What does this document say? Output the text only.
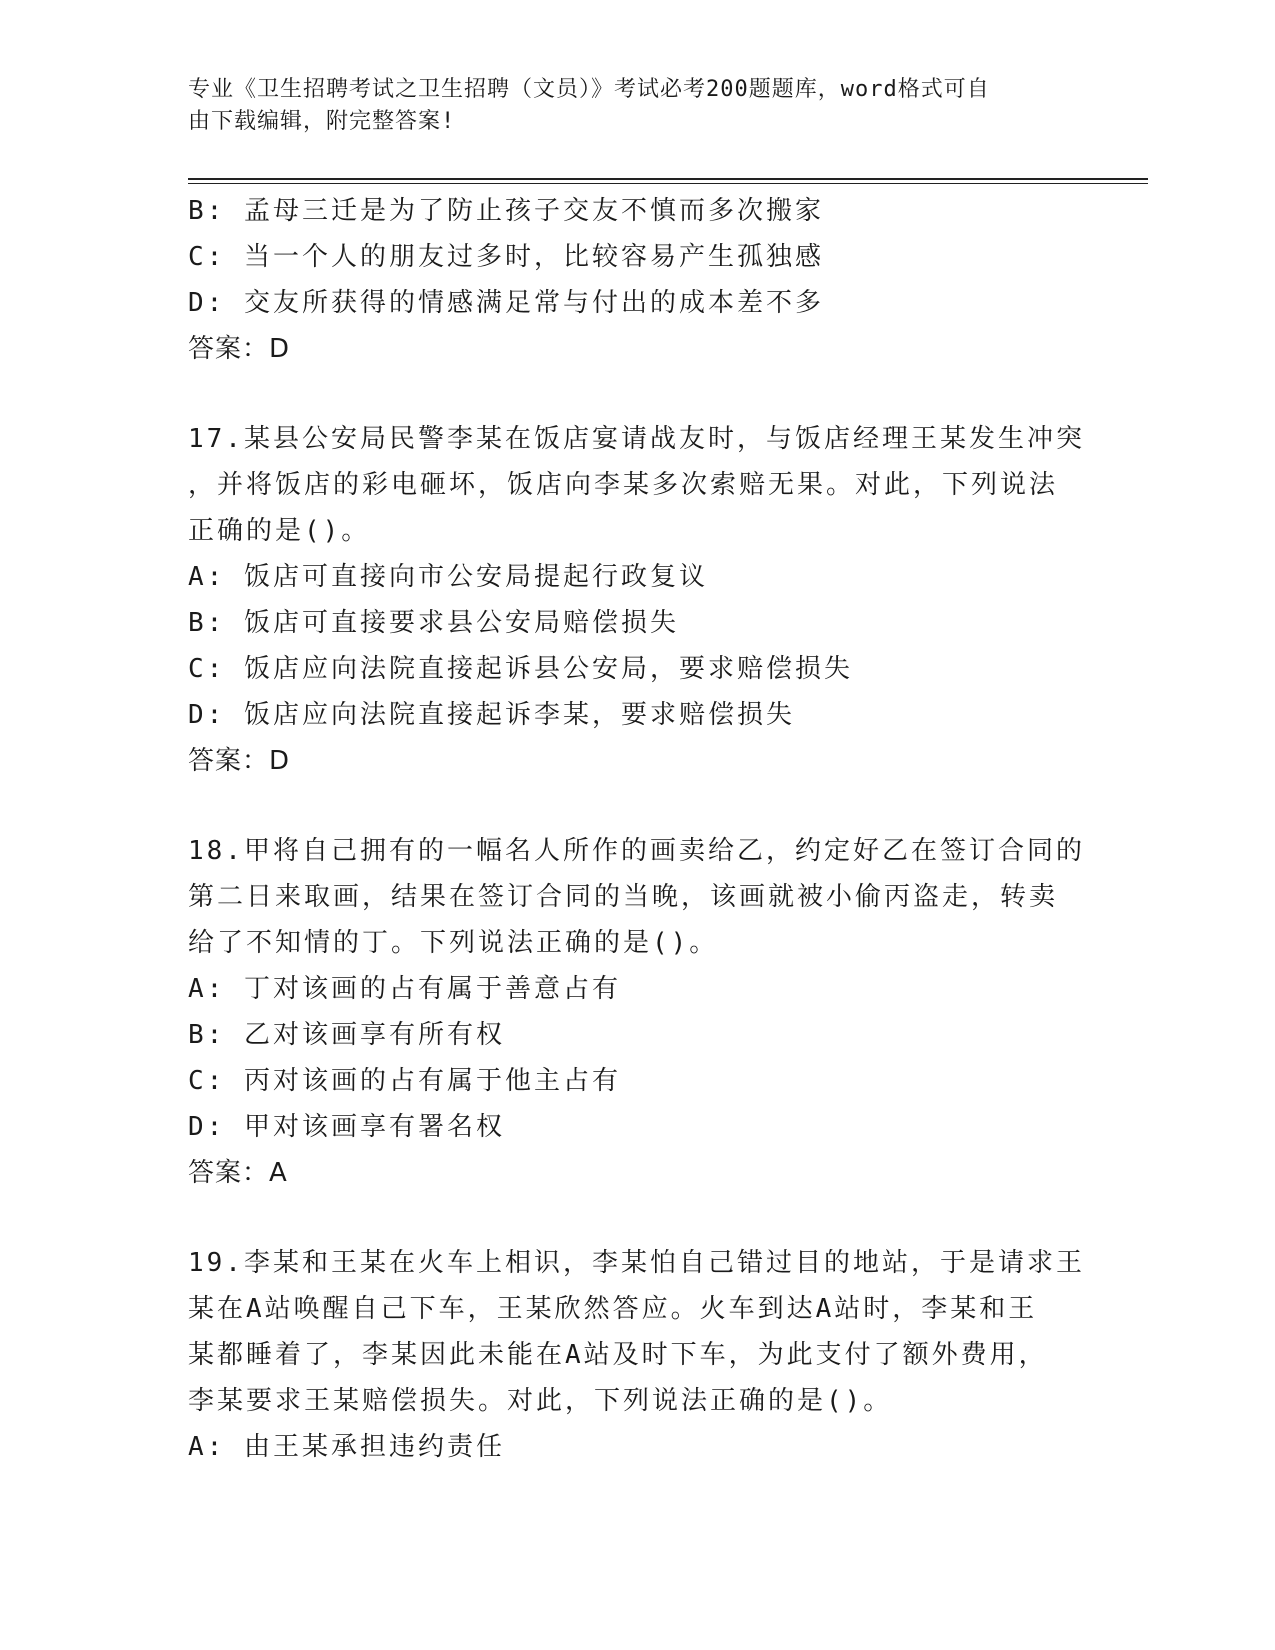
专业《卫生招聘考试之卫生招聘（文员）》考试必考200题题库，word格式可自
由下载编辑，附完整答案!
B: 孟母三迁是为了防止孩子交友不慎而多次搬家
C: 当一个人的朋友过多时，比较容易产生孤独感
D: 交友所获得的情感满足常与付出的成本差不多
答案：D
17.某县公安局民警李某在饭店宴请战友时，与饭店经理王某发生冲突
，并将饭店的彩电砸坏，饭店向李某多次索赔无果。对此，下列说法
正确的是()。
A: 饭店可直接向市公安局提起行政复议
B: 饭店可直接要求县公安局赔偿损失
C: 饭店应向法院直接起诉县公安局，要求赔偿损失
D: 饭店应向法院直接起诉李某，要求赔偿损失
答案：D
18.甲将自己拥有的一幅名人所作的画卖给乙，约定好乙在签订合同的
第二日来取画，结果在签订合同的当晚，该画就被小偷丙盗走，转卖
给了不知情的丁。下列说法正确的是()。
A: 丁对该画的占有属于善意占有
B: 乙对该画享有所有权
C: 丙对该画的占有属于他主占有
D: 甲对该画享有署名权
答案：A
19.李某和王某在火车上相识，李某怕自己错过目的地站，于是请求王
某在A站唤醒自己下车，王某欣然答应。火车到达A站时，李某和王
某都睡着了，李某因此未能在A站及时下车，为此支付了额外费用，
李某要求王某赔偿损失。对此，下列说法正确的是()。
A: 由王某承担违约责任
